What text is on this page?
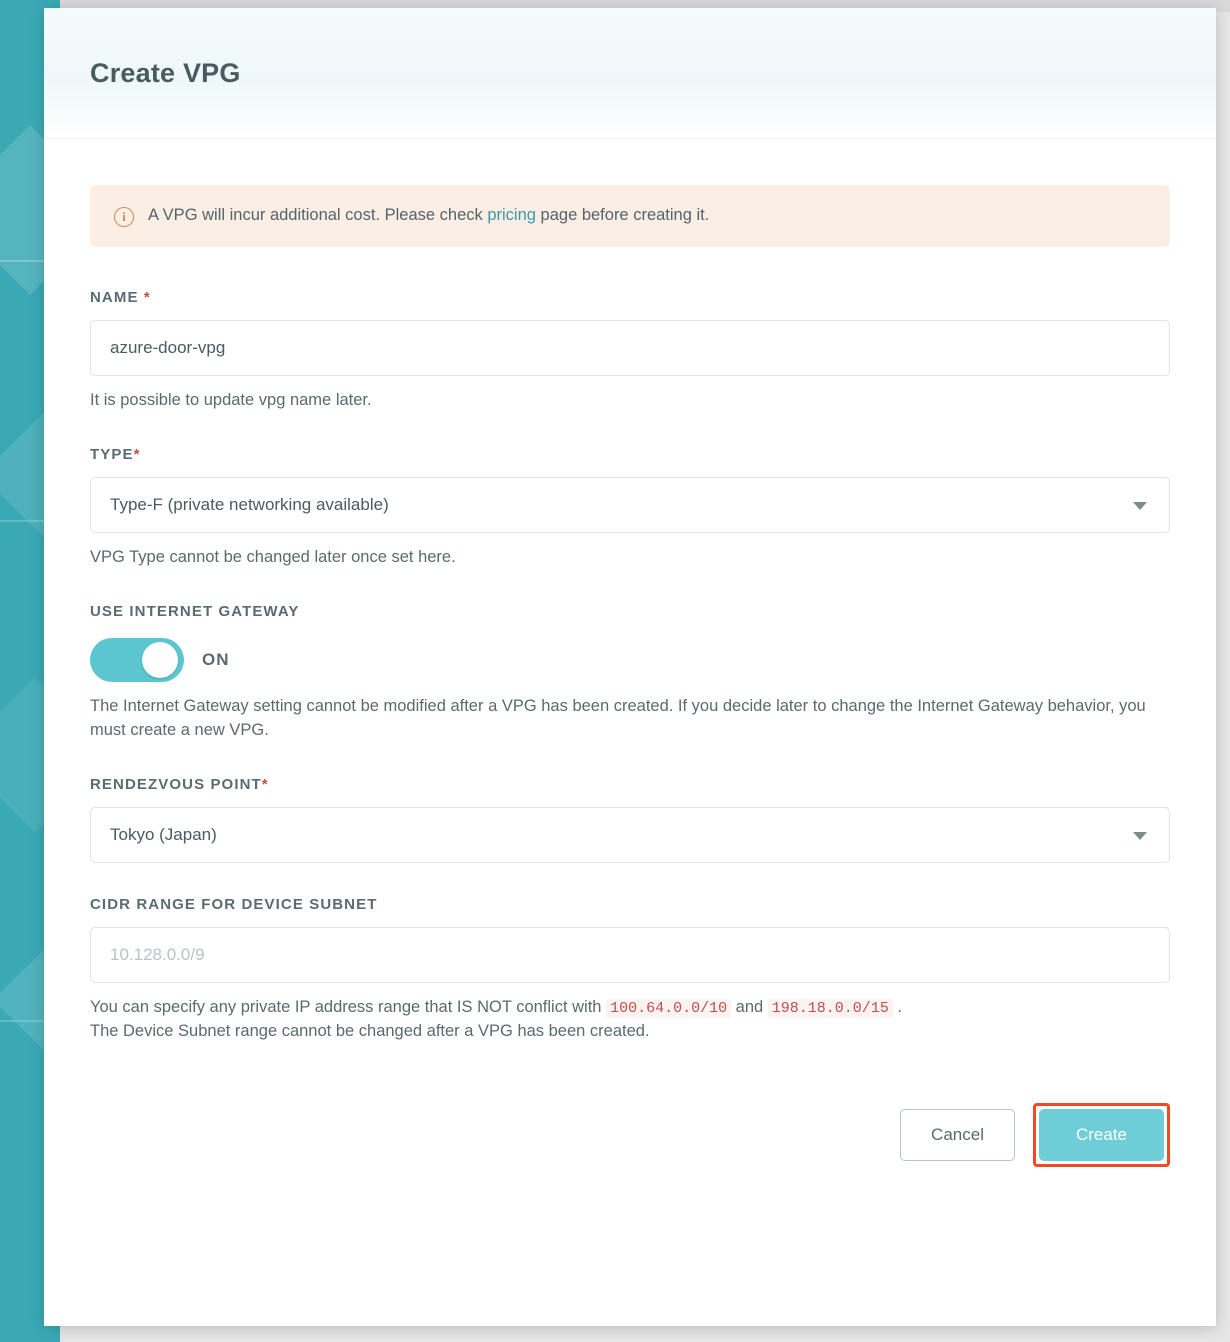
Create VPG
i	A VPG will incur additional cost. Please check pricing page before creating it.
NAME *
azure-door-vpg
It is possible to update vpg name later.
TYPE*
Type-F (private networking available)
VPG Type cannot be changed later once set here.
USE INTERNET GATEWAY
ON
The Internet Gateway setting cannot be modified after a VPG has been created. If you decide later to change the Internet Gateway behavior, you must create a new VPG.
RENDEZVOUS POINT*
Tokyo (Japan)
CIDR RANGE FOR DEVICE SUBNET
10.128.0.0/9
You can specify any private IP address range that IS NOT conflict with 100.64.0.0/10 and 198.18.0.0/15 .
The Device Subnet range cannot be changed after a VPG has been created.
Cancel	Create
